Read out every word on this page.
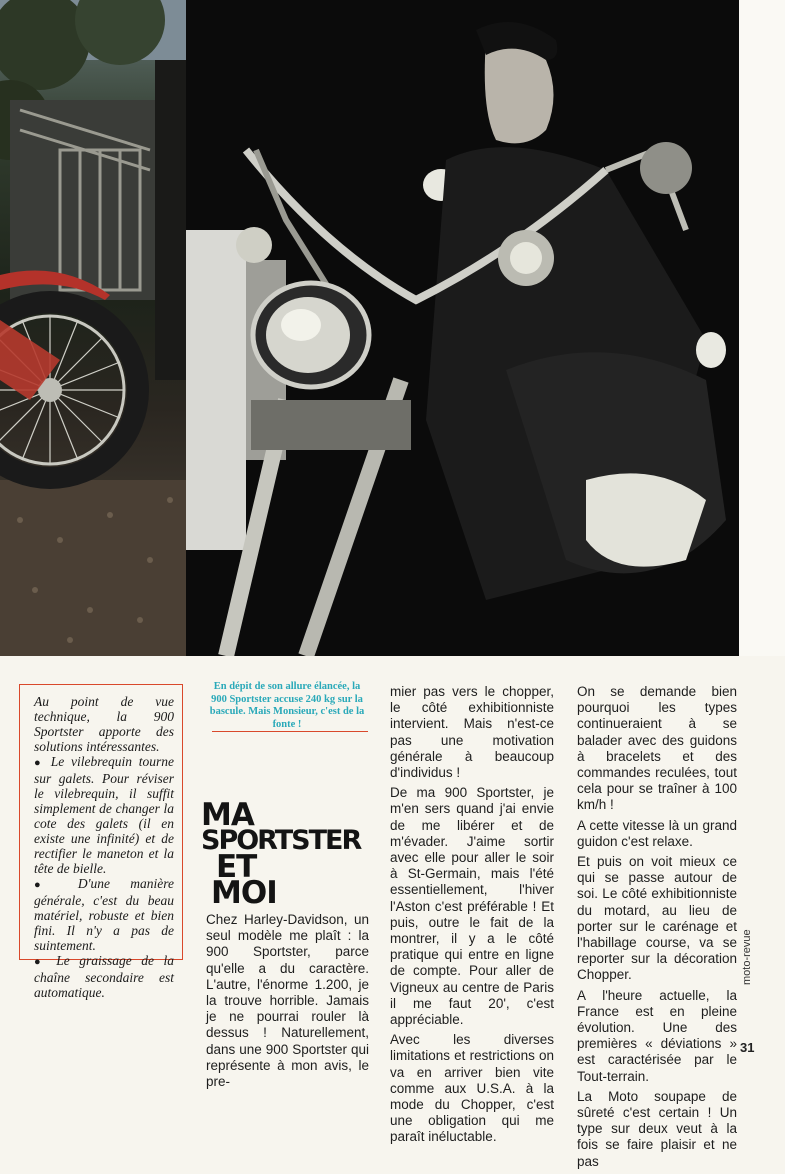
Au point de vue technique, la 900 Sportster apporte des solutions intéressantes.
● Le vilebrequin tourne sur galets. Pour réviser le vilebrequin, il suffit simplement de changer la cote des galets (il en existe une infinité) et de rectifier le maneton et la tête de bielle.
● D'une manière générale, c'est du beau matériel, robuste et bien fini. Il n'y a pas de suintement.
● Le graissage de la chaîne secondaire est automatique.

En dépit de son allure élancée, la 900 Sportster accuse 240 kg sur la bascule. Mais Monsieur, c'est de la fonte !
MA
SPORTSTER
ET
MOI

Chez Harley-Davidson, un seul modèle me plaît : la 900 Sportster, parce qu'elle a du caractère. L'autre, l'énorme 1.200, je la trouve horrible. Jamais je ne pourrai rouler là dessus ! Naturellement, dans une 900 Sportster qui représente à mon avis, le pre-

mier pas vers le chopper, le côté exhibitionniste intervient. Mais n'est-ce pas une motivation générale à beaucoup d'individus !

De ma 900 Sportster, je m'en sers quand j'ai envie de me libérer et de m'évader. J'aime sortir avec elle pour aller le soir à St-Germain, mais l'été essentiellement, l'hiver l'Aston c'est préférable ! Et puis, outre le fait de la montrer, il y a le côté pratique qui entre en ligne de compte. Pour aller de Vigneux au centre de Paris il me faut 20', c'est appréciable.

Avec les diverses limitations et restrictions on va en arriver bien vite comme aux U.S.A. à la mode du Chopper, c'est une obligation qui me paraît inéluctable.

On se demande bien pourquoi les types continueraient à se balader avec des guidons à bracelets et des commandes reculées, tout cela pour se traîner à 100 km/h !

A cette vitesse là un grand guidon c'est relaxe.

Et puis on voit mieux ce qui se passe autour de soi. Le côté exhibitionniste du motard, au lieu de porter sur le carénage et l'habillage course, va se reporter sur la décoration Chopper.

A l'heure actuelle, la France est en pleine évolution. Une des premières « déviations » est caractérisée par le Tout-terrain.

La Moto soupape de sûreté c'est certain ! Un type sur deux veut à la fois se faire plaisir et ne pas

moto-revue
31
